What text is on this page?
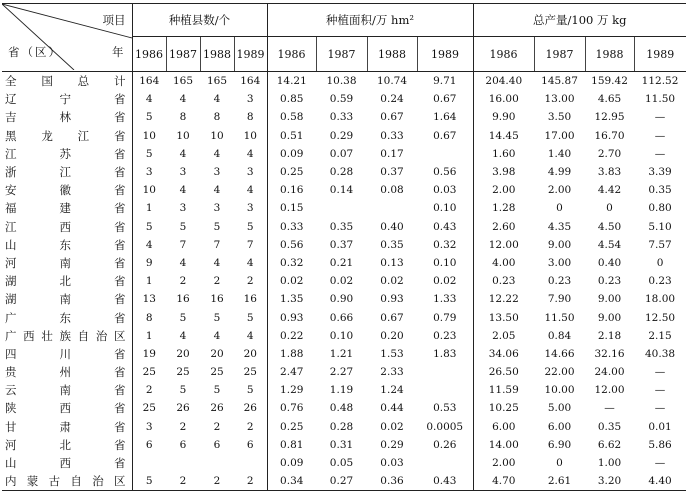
项目
省（区） 年	种植县数/个				种植面积/万 hm²				总产量/100 万 kg			
	1986	1987	1988	1989	1986	1987	1988	1989	1986	1987	1988	1989
全国总计	164	165	165	164	14.21	10.38	10.74	9.71	204.40	145.87	159.42	112.52
辽宁省	4	4	4	3	0.85	0.59	0.24	0.67	16.00	13.00	4.65	11.50
吉林省	5	8	8	8	0.58	0.33	0.67	1.64	9.90	3.50	12.95	—
黑龙江省	10	10	10	10	0.51	0.29	0.33	0.67	14.45	17.00	16.70	—
江苏省	5	4	4	4	0.09	0.07	0.17		1.60	1.40	2.70	—
浙江省	3	3	3	3	0.25	0.28	0.37	0.56	3.98	4.99	3.83	3.39
安徽省	10	4	4	4	0.16	0.14	0.08	0.03	2.00	2.00	4.42	0.35
福建省	1	3	3	3	0.15			0.10	1.28	0	0	0.80
江西省	5	5	5	5	0.33	0.35	0.40	0.43	2.60	4.35	4.50	5.10
山东省	4	7	7	7	0.56	0.37	0.35	0.32	12.00	9.00	4.54	7.57
河南省	9	4	4	4	0.32	0.21	0.13	0.10	4.00	3.00	0.40	0
湖北省	1	2	2	2	0.02	0.02	0.02	0.02	0.23	0.23	0.23	0.23
湖南省	13	16	16	16	1.35	0.90	0.93	1.33	12.22	7.90	9.00	18.00
广东省	8	5	5	5	0.93	0.66	0.67	0.79	13.50	11.50	9.00	12.50
广西壮族自治区	1	4	4	4	0.22	0.10	0.20	0.23	2.05	0.84	2.18	2.15
四川省	19	20	20	20	1.88	1.21	1.53	1.83	34.06	14.66	32.16	40.38
贵州省	25	25	25	25	2.47	2.27	2.33		26.50	22.00	24.00	—
云南省	2	5	5	5	1.29	1.19	1.24		11.59	10.00	12.00	—
陕西省	25	26	26	26	0.76	0.48	0.44	0.53	10.25	5.00	—	—
甘肃省	3	2	2	2	0.25	0.28	0.02	0.0005	6.00	6.00	0.35	0.01
河北省	6	6	6	6	0.81	0.31	0.29	0.26	14.00	6.90	6.62	5.86
山西省					0.09	0.05	0.03		2.00	0	1.00	—
内蒙古自治区	5	2	2	2	0.34	0.27	0.36	0.43	4.70	2.61	3.20	4.40
